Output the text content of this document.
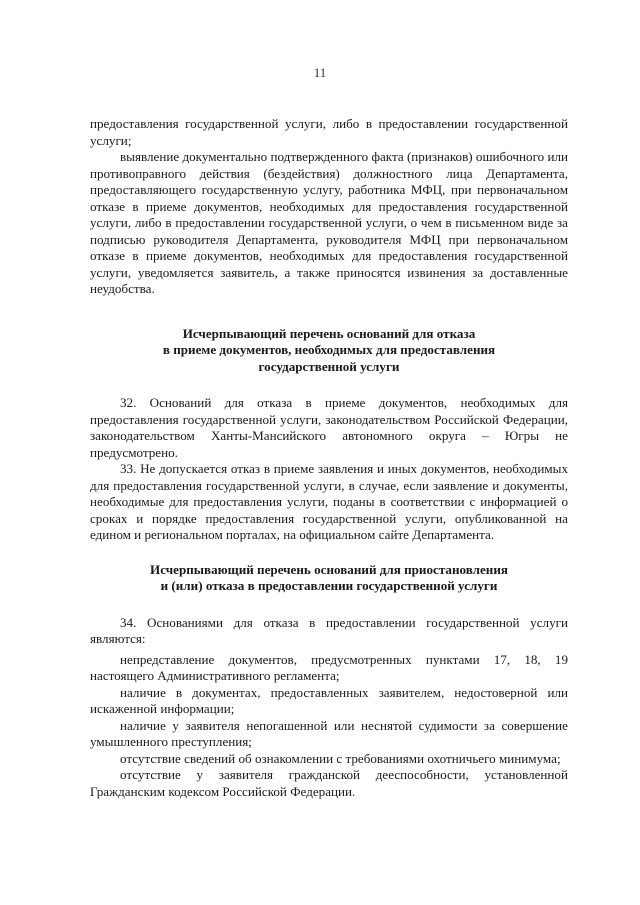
11

предоставления государственной услуги, либо в предоставлении государственной услуги;

выявление документально подтвержденного факта (признаков) ошибочного или противоправного действия (бездействия) должностного лица Департамента, предоставляющего государственную услугу, работника МФЦ, при первоначальном отказе в приеме документов, необходимых для предоставления государственной услуги, либо в предоставлении государственной услуги, о чем в письменном виде за подписью руководителя Департамента, руководителя МФЦ при первоначальном отказе в приеме документов, необходимых для предоставления государственной услуги, уведомляется заявитель, а также приносятся извинения за доставленные неудобства.

Исчерпывающий перечень оснований для отказа
в приеме документов, необходимых для предоставления
государственной услуги

32. Оснований для отказа в приеме документов, необходимых для предоставления государственной услуги, законодательством Российской Федерации, законодательством Ханты-Мансийского автономного округа – Югры не предусмотрено.

33. Не допускается отказ в приеме заявления и иных документов, необходимых для предоставления государственной услуги, в случае, если заявление и документы, необходимые для предоставления услуги, поданы в соответствии с информацией о сроках и порядке предоставления государственной услуги, опубликованной на едином и региональном порталах, на официальном сайте Департамента.

Исчерпывающий перечень оснований для приостановления
и (или) отказа в предоставлении государственной услуги

34. Основаниями для отказа в предоставлении государственной услуги являются:

непредставление документов, предусмотренных пунктами 17, 18, 19 настоящего Административного регламента;

наличие в документах, предоставленных заявителем, недостоверной или искаженной информации;

наличие у заявителя непогашенной или неснятой судимости за совершение умышленного преступления;

отсутствие сведений об ознакомлении с требованиями охотничьего минимума;

отсутствие у заявителя гражданской дееспособности, установленной Гражданским кодексом Российской Федерации.
